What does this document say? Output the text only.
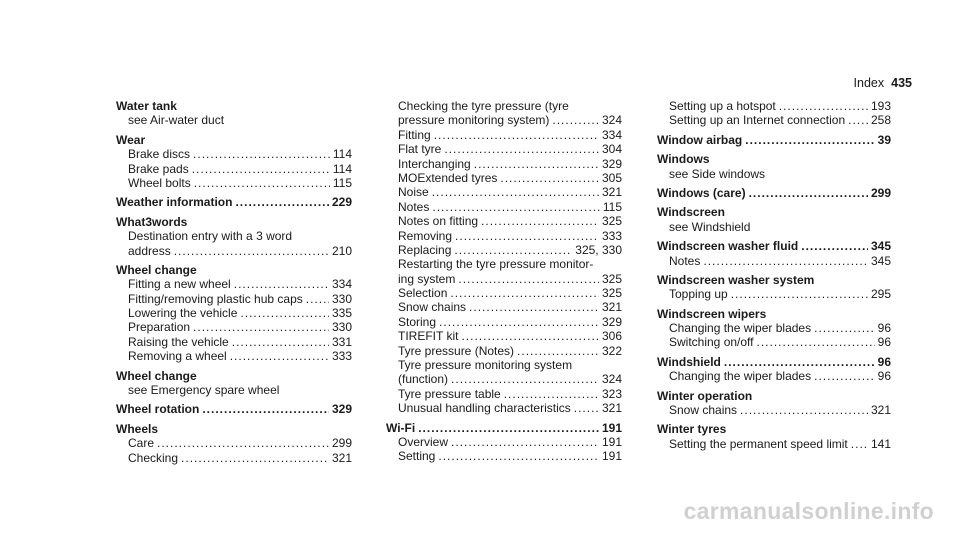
Index 435
Water tank
see Air-water duct
Wear
Brake discs .....	114
Brake pads .....	114
Wheel bolts .....	115
Weather information .....	229
What3words
Destination entry with a 3 word
address .....	210
Wheel change
Fitting a new wheel .....	334
Fitting/removing plastic hub caps ..... 330
Lowering the vehicle .....	335
Preparation .....	330
Raising the vehicle .....	331
Removing a wheel .....	333
Wheel change
see Emergency spare wheel
Wheel rotation .....	329
Wheels
Care .....	299
Checking .....	321
Checking the tyre pressure (tyre
pressure monitoring system) .....	324
Fitting .....	334
Flat tyre .....	304
Interchanging .....	329
MOExtended tyres .....	305
Noise .....	321
Notes .....	115
Notes on fitting .....	325
Removing .....	333
Replacing .....	325, 330
Restarting the tyre pressure monitor-
ing system .....	325
Selection .....	325
Snow chains .....	321
Storing .....	329
TIREFIT kit .....	306
Tyre pressure (Notes) .....	322
Tyre pressure monitoring system
(function) .....	324
Tyre pressure table .....	323
Unusual handling characteristics .....	321
Wi-Fi .....	191
Overview .....	191
Setting .....	191
Setting up a hotspot .....	193
Setting up an Internet connection ..... 258
Window airbag .....	39
Windows
see Side windows
Windows (care) .....	299
Windscreen
see Windshield
Windscreen washer fluid .....	345
Notes .....	345
Windscreen washer system
Topping up .....	295
Windscreen wipers
Changing the wiper blades .....	96
Switching on/off .....	96
Windshield .....	96
Changing the wiper blades .....	96
Winter operation
Snow chains .....	321
Winter tyres
Setting the permanent speed limit ..... 141
carmanualsonline.info
